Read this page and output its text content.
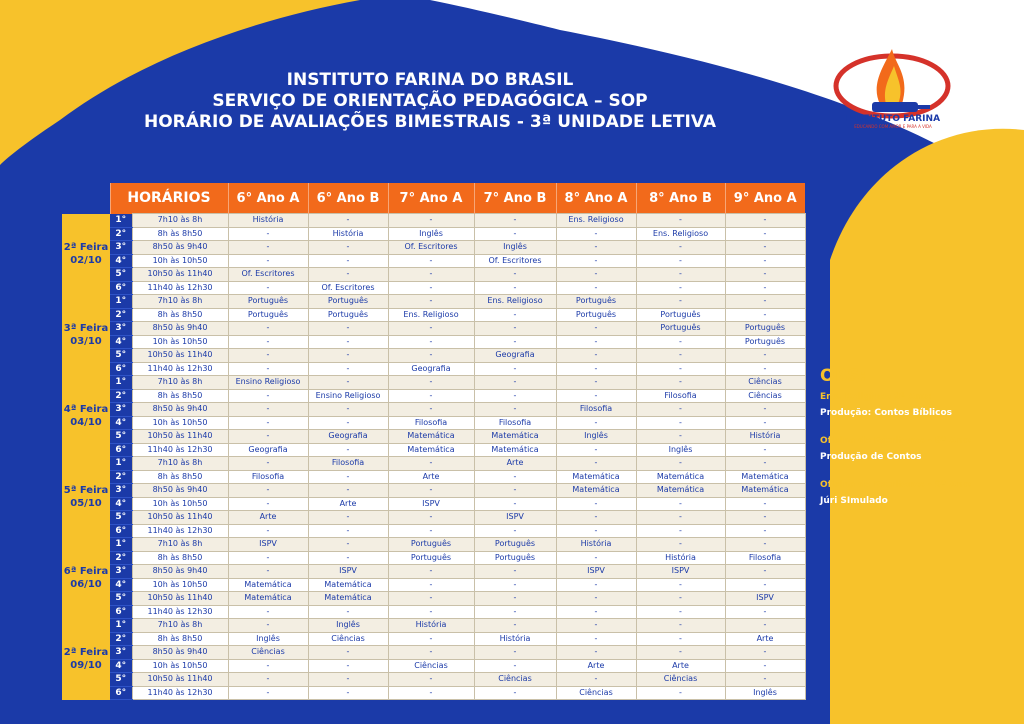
INSTITUTO FARINA DO BRASIL
SERVIÇO DE ORIENTAÇÃO PEDAGÓGICA – SOP
HORÁRIO DE AVALIAÇÕES BIMESTRAIS - 3ª UNIDADE LETIVA	INSTITUTO FARINA
EDUCANDO COM AMOR E PARA A VIDA
	HORÁRIOS		6° Ano A	6° Ano B	7° Ano A	7° Ano B	8° Ano A	8° Ano B	9° Ano A

2ª Feira
02/10	1°	7h10 às 8h	História	-	-	-	Ens. Religioso	-	-
	2°	8h às 8h50	-	História	Inglês	-	-	Ens. Religioso	-
	3°	8h50 às 9h40	-	-	Of. Escritores	Inglês	-	-	-
	4°	10h às 10h50	-	-	-	Of. Escritores	-	-	-
	5°	10h50 às 11h40	Of. Escritores	-	-	-	-	-	-
	6°	11h40 às 12h30	-	Of. Escritores	-	-	-	-	-

3ª Feira
03/10	1°	7h10 às 8h	Português	Português	-	Ens. Religioso	Português	-	-
	2°	8h às 8h50	Português	Português	Ens. Religioso	-	Português	Português	-
	3°	8h50 às 9h40	-	-	-	-	-	Português	Português
	4°	10h às 10h50	-	-	-	-	-	-	Português
	5°	10h50 às 11h40	-	-	-	Geografia	-	-	-
	6°	11h40 às 12h30	-	-	Geografia	-	-	-	-

4ª Feira
04/10	1°	7h10 às 8h	Ensino Religioso	-	-	-	-	-	Ciências
	2°	8h às 8h50	-	Ensino Religioso	-	-	-	Filosofia	Ciências
	3°	8h50 às 9h40	-	-	-	-	Filosofia	-	-
	4°	10h às 10h50	-	-	Filosofia	Filosofia	-	-	-
	5°	10h50 às 11h40	-	Geografia	Matemática	Matemática	Inglês	-	História
	6°	11h40 às 12h30	Geografia	-	Matemática	Matemática	-	Inglês	-

5ª Feira
05/10	1°	7h10 às 8h	-	Filosofia	-	Arte	-	-	-
	2°	8h às 8h50	Filosofia	-	Arte	-	Matemática	Matemática	Matemática
	3°	8h50 às 9h40	-	-	-	-	Matemática	Matemática	Matemática
	4°	10h às 10h50	-	Arte	ISPV	-	-	-	-
	5°	10h50 às 11h40	Arte	-	-	ISPV	-	-	-
	6°	11h40 às 12h30	-	-	-	-	-	-	-

6ª Feira
06/10	1°	7h10 às 8h	ISPV	-	Português	Português	História	-	-
	2°	8h às 8h50	-	-	Português	Português	-	História	Filosofia
	3°	8h50 às 9h40	-	ISPV	-	-	ISPV	ISPV	-
	4°	10h às 10h50	Matemática	Matemática	-	-	-	-	-
	5°	10h50 às 11h40	Matemática	Matemática	-	-	-	-	ISPV
	6°	11h40 às 12h30	-	-	-	-	-	-	-

2ª Feira
09/10	1°	7h10 às 8h	-	Inglês	História	-	-	-	-
	2°	8h às 8h50	Inglês	Ciências	-	História	-	-	Arte
	3°	8h50 às 9h40	Ciências	-	-	-	-	-	-
	4°	10h às 10h50	-	-	Ciências	-	Arte	Arte	-
	5°	10h50 às 11h40	-	-	-	Ciências	-	Ciências	-
	6°	11h40 às 12h30	-	-	-	-	Ciências	-	Inglês
OBS:
Ens. Religioso 9º Ano:
Produção: Contos Bíblicos
Oficina de Escritores - 8º Ano:
Produção de Contos
Oficina de Escritores - 9º Ano:
Júri SImulado
